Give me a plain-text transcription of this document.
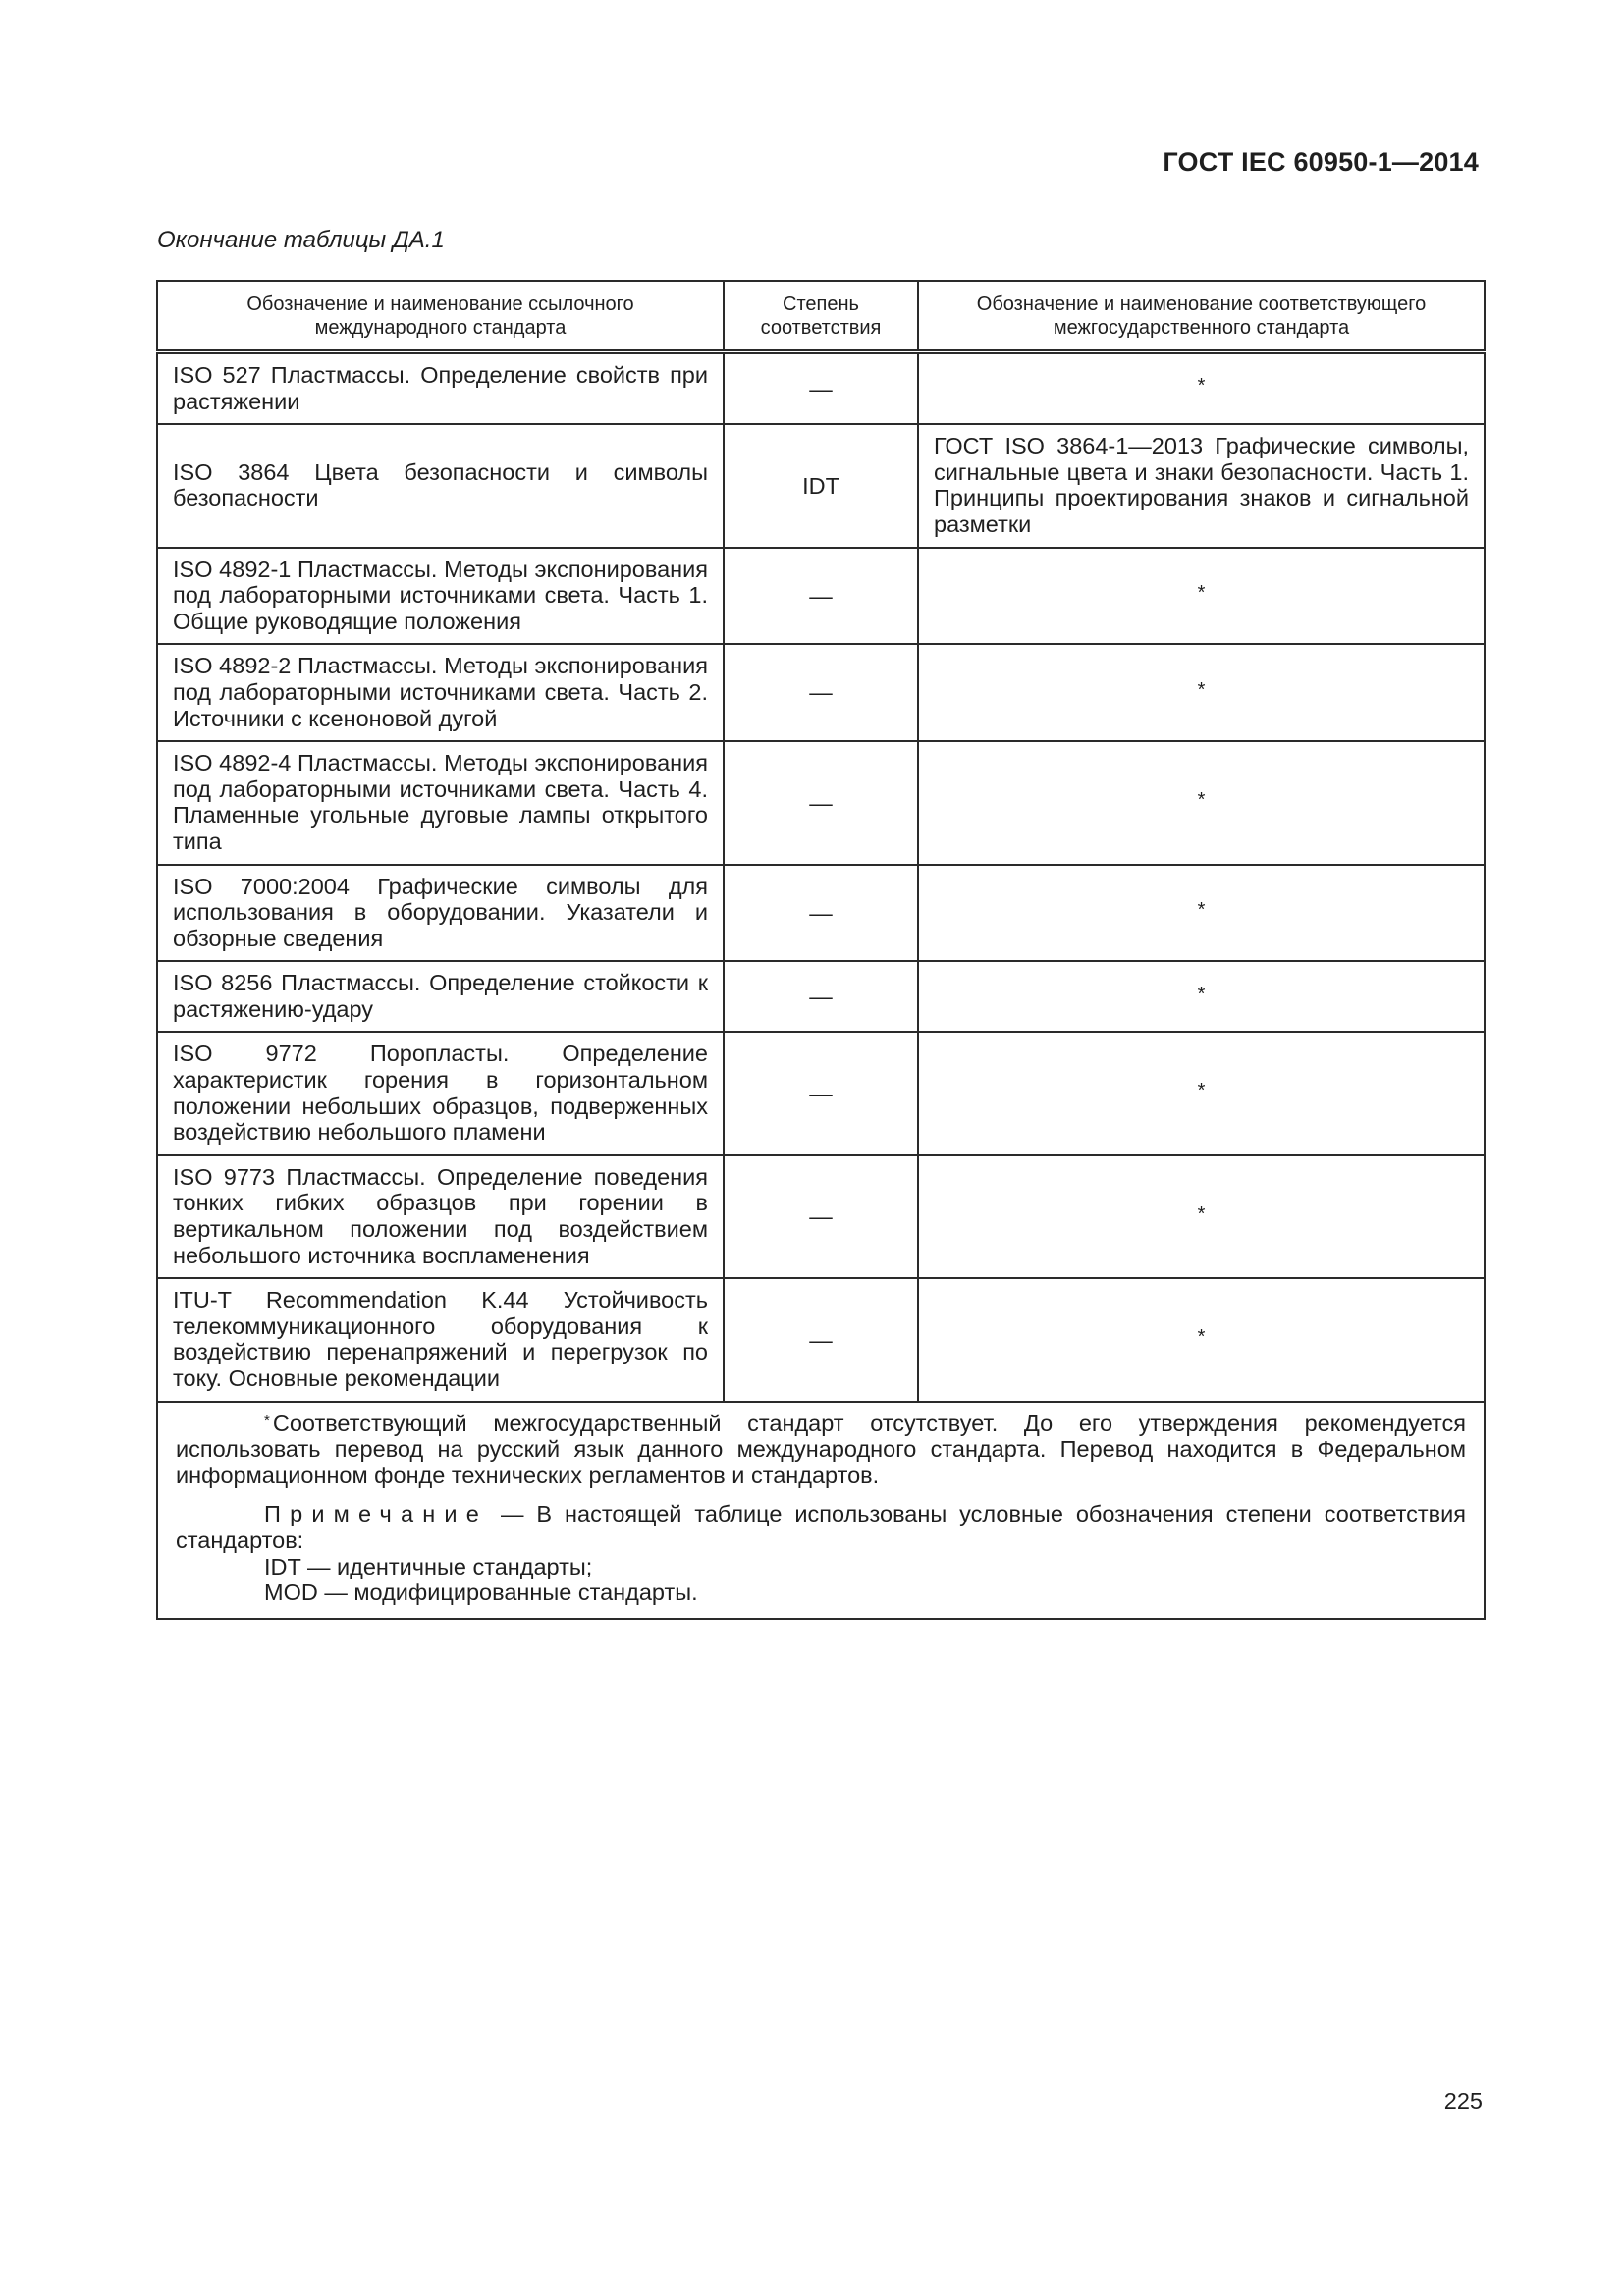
ГОСТ IEC 60950-1—2014
Окончание таблицы ДА.1
Обозначение и наименование ссылочного международного стандарта	Степень соответствия	Обозначение и наименование соответствующего межгосударственного стандарта
ISO 527 Пластмассы. Определение свойств при растяжении	—	*
ISO 3864 Цвета безопасности и символы безопасности	IDT	ГОСТ ISO 3864-1—2013 Графические символы, сигнальные цвета и знаки безопасности. Часть 1. Принципы проектирования знаков и сигнальной разметки
ISO 4892-1 Пластмассы. Методы экспонирования под лабораторными источниками света. Часть 1. Общие руководящие положения	—	*
ISO 4892-2 Пластмассы. Методы экспонирования под лабораторными источниками света. Часть 2. Источники с ксеноновой дугой	—	*
ISO 4892-4 Пластмассы. Методы экспонирования под лабораторными источниками света. Часть 4. Пламенные угольные дуговые лампы открытого типа	—	*
ISO 7000:2004 Графические символы для использования в оборудовании. Указатели и обзорные сведения	—	*
ISO 8256 Пластмассы. Определение стойкости к растяжению-удару	—	*
ISO 9772 Поропласты. Определение характеристик горения в горизонтальном положении небольших образцов, подверженных воздействию небольшого пламени	—	*
ISO 9773 Пластмассы. Определение поведения тонких гибких образцов при горении в вертикальном положении под воздействием небольшого источника воспламенения	—	*
ITU-T Recommendation K.44 Устойчивость телекоммуникационного оборудования к воздействию перенапряжений и перегрузок по току. Основные рекомендации	—	*

* Соответствующий межгосударственный стандарт отсутствует. До его утверждения рекомендуется использовать перевод на русский язык данного международного стандарта. Перевод находится в Федеральном информационном фонде технических регламентов и стандартов.

Примечание — В настоящей таблице использованы условные обозначения степени соответствия стандартов:

IDT — идентичные стандарты;

MOD — модифицированные стандарты.		

225
